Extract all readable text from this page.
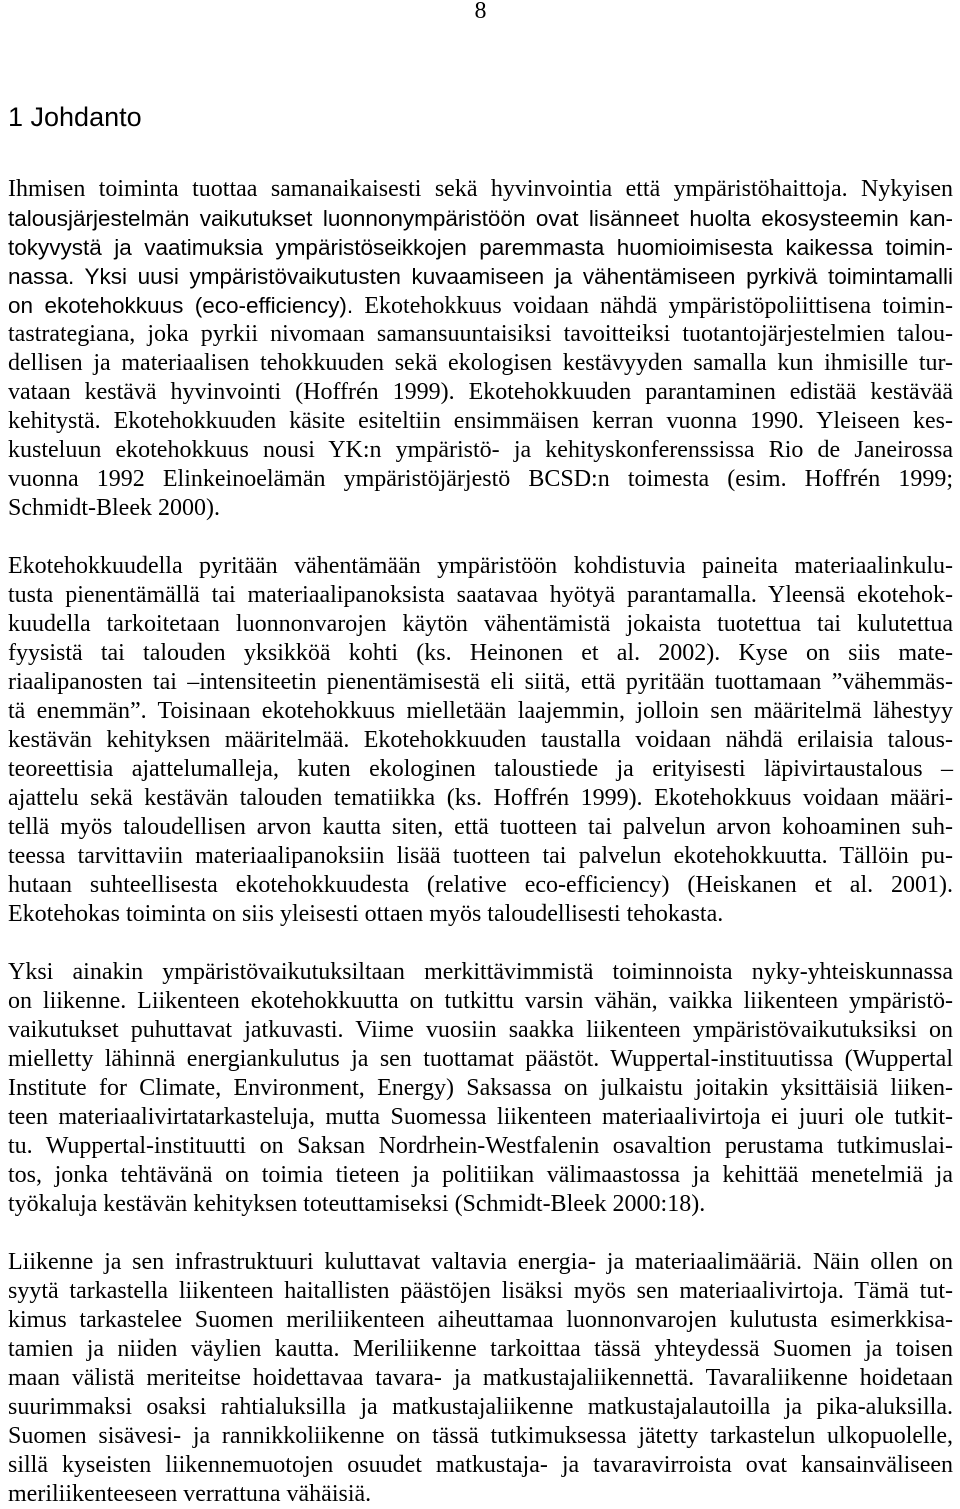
8
1 Johdanto
Ihmisen toiminta tuottaa samanaikaisesti sekä hyvinvointia että ympäristöhaittoja. Nykyisen
talousjärjestelmän vaikutukset luonnonympäristöön ovat lisänneet huolta ekosysteemin kan-
tokyvystä ja vaatimuksia ympäristöseikkojen paremmasta huomioimisesta kaikessa toimin-
nassa. Yksi uusi ympäristövaikutusten kuvaamiseen ja vähentämiseen pyrkivä toimintamalli
on ekotehokkuus (eco-efficiency). Ekotehokkuus voidaan nähdä ympäristöpoliittisena toimin-
tastrategiana, joka pyrkii nivomaan samansuuntaisiksi tavoitteiksi tuotantojärjestelmien talou-
dellisen ja materiaalisen tehokkuuden sekä ekologisen kestävyyden samalla kun ihmisille tur-
vataan kestävä hyvinvointi (Hoffrén 1999). Ekotehokkuuden parantaminen edistää kestävää
kehitystä. Ekotehokkuuden käsite esiteltiin ensimmäisen kerran vuonna 1990. Yleiseen kes-
kusteluun ekotehokkuus nousi YK:n ympäristö- ja kehityskonferenssissa Rio de Janeirossa
vuonna 1992 Elinkeinoelämän ympäristöjärjestö BCSD:n toimesta (esim. Hoffrén 1999;
Schmidt-Bleek 2000).
Ekotehokkuudella pyritään vähentämään ympäristöön kohdistuvia paineita materiaalinkulu-
tusta pienentämällä tai materiaalipanoksista saatavaa hyötyä parantamalla. Yleensä ekotehok-
kuudella tarkoitetaan luonnonvarojen käytön vähentämistä jokaista tuotettua tai kulutettua
fyysistä tai talouden yksikköä kohti (ks. Heinonen et al. 2002). Kyse on siis mate-
riaalipanosten tai –intensiteetin pienentämisestä eli siitä, että pyritään tuottamaan ”vähemmäs-
tä enemmän”. Toisinaan ekotehokkuus mielletään laajemmin, jolloin sen määritelmä lähestyy
kestävän kehityksen määritelmää. Ekotehokkuuden taustalla voidaan nähdä erilaisia talous-
teoreettisia ajattelumalleja, kuten ekologinen taloustiede ja erityisesti läpivirtaustalous –
ajattelu sekä kestävän talouden tematiikka (ks. Hoffrén 1999). Ekotehokkuus voidaan määri-
tellä myös taloudellisen arvon kautta siten, että tuotteen tai palvelun arvon kohoaminen suh-
teessa tarvittaviin materiaalipanoksiin lisää tuotteen tai palvelun ekotehokkuutta. Tällöin pu-
hutaan suhteellisesta ekotehokkuudesta (relative eco-efficiency) (Heiskanen et al. 2001).
Ekotehokas toiminta on siis yleisesti ottaen myös taloudellisesti tehokasta.
Yksi ainakin ympäristövaikutuksiltaan merkittävimmistä toiminnoista nyky-yhteiskunnassa
on liikenne. Liikenteen ekotehokkuutta on tutkittu varsin vähän, vaikka liikenteen ympäristö-
vaikutukset puhuttavat jatkuvasti. Viime vuosiin saakka liikenteen ympäristövaikutuksiksi on
mielletty lähinnä energiankulutus ja sen tuottamat päästöt. Wuppertal-instituutissa (Wuppertal
Institute for Climate, Environment, Energy) Saksassa on julkaistu joitakin yksittäisiä liiken-
teen materiaalivirtatarkasteluja, mutta Suomessa liikenteen materiaalivirtoja ei juuri ole tutkit-
tu. Wuppertal-instituutti on Saksan Nordrhein-Westfalenin osavaltion perustama tutkimuslai-
tos, jonka tehtävänä on toimia tieteen ja politiikan välimaastossa ja kehittää menetelmiä ja
työkaluja kestävän kehityksen toteuttamiseksi (Schmidt-Bleek 2000:18).
Liikenne ja sen infrastruktuuri kuluttavat valtavia energia- ja materiaalimääriä. Näin ollen on
syytä tarkastella liikenteen haitallisten päästöjen lisäksi myös sen materiaalivirtoja. Tämä tut-
kimus tarkastelee Suomen meriliikenteen aiheuttamaa luonnonvarojen kulutusta esimerkkisa-
tamien ja niiden väylien kautta. Meriliikenne tarkoittaa tässä yhteydessä Suomen ja toisen
maan välistä meriteitse hoidettavaa tavara- ja matkustajaliikennettä. Tavaraliikenne hoidetaan
suurimmaksi osaksi rahtialuksilla ja matkustajaliikenne matkustajalautoilla ja pika-aluksilla.
Suomen sisävesi- ja rannikkoliikenne on tässä tutkimuksessa jätetty tarkastelun ulkopuolelle,
sillä kyseisten liikennemuotojen osuudet matkustaja- ja tavaravirroista ovat kansainväliseen
meriliikenteeseen verrattuna vähäisiä.
